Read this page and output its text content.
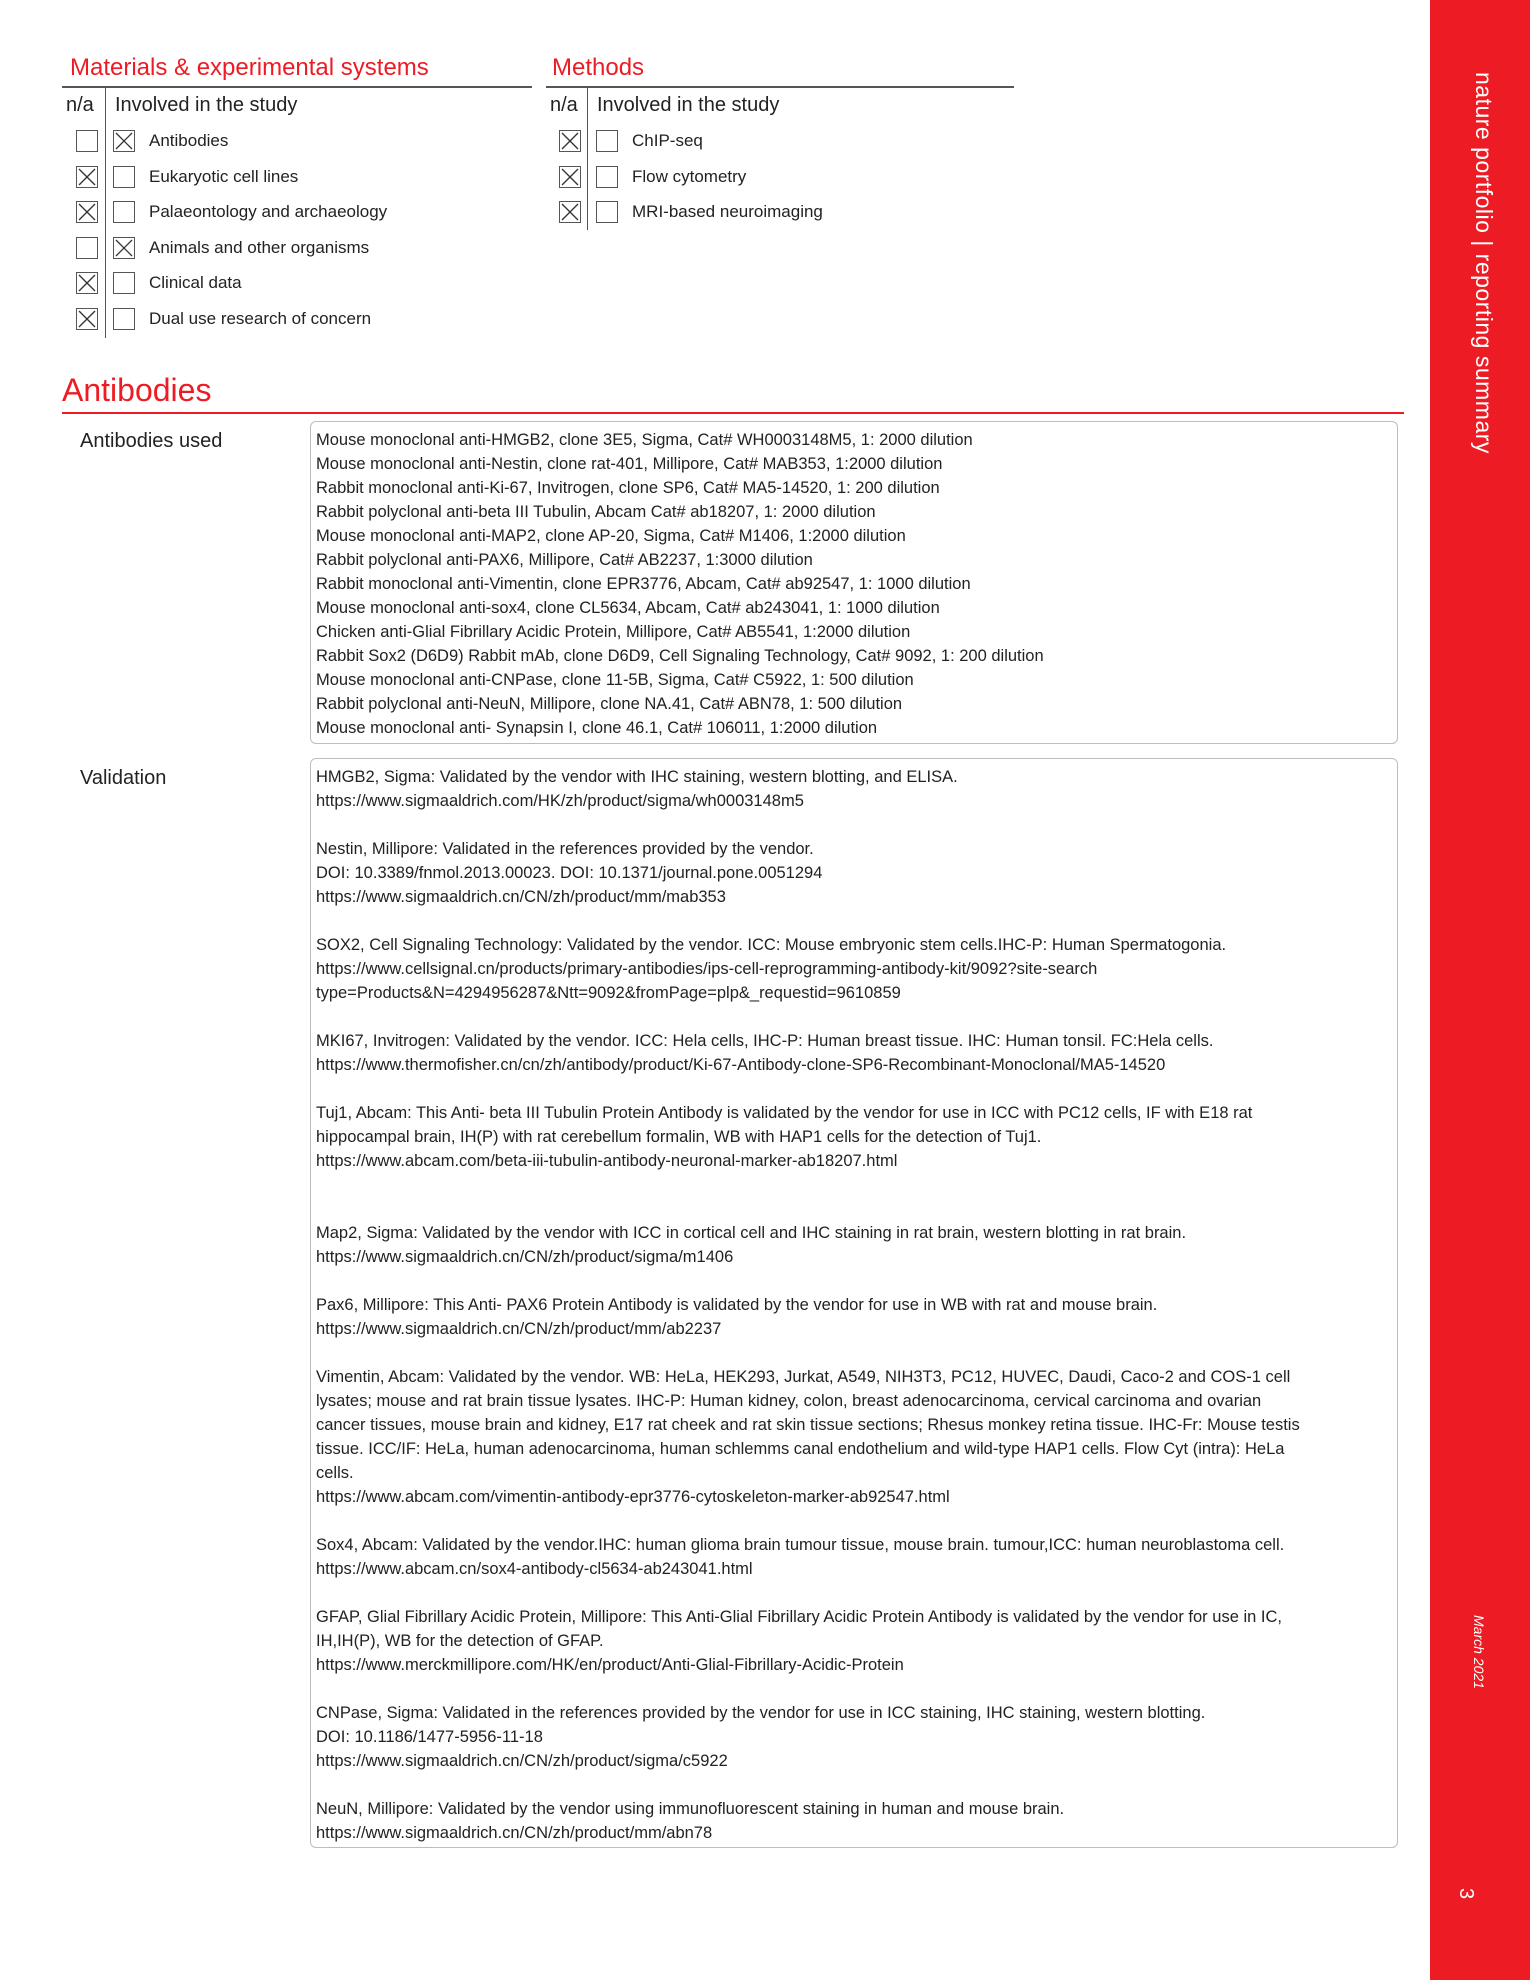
nature portfolio | reporting summary
March 2021
3
Materials & experimental systems
n/a Involved in the study
Antibodies
Eukaryotic cell lines
Palaeontology and archaeology
Animals and other organisms
Clinical data
Dual use research of concern
Methods
n/a Involved in the study
ChIP-seq
Flow cytometry
MRI-based neuroimaging
Antibodies
Antibodies used	Mouse monoclonal anti-HMGB2, clone 3E5, Sigma, Cat# WH0003148M5, 1: 2000 dilution
Mouse monoclonal anti-Nestin, clone rat-401, Millipore, Cat# MAB353, 1:2000 dilution
Rabbit monoclonal anti-Ki-67, Invitrogen, clone SP6, Cat# MA5-14520, 1: 200 dilution
Rabbit polyclonal anti-beta III Tubulin, Abcam Cat# ab18207, 1: 2000 dilution
Mouse monoclonal anti-MAP2, clone AP-20, Sigma, Cat# M1406, 1:2000 dilution
Rabbit polyclonal anti-PAX6, Millipore, Cat# AB2237, 1:3000 dilution
Rabbit monoclonal anti-Vimentin, clone EPR3776, Abcam, Cat# ab92547, 1: 1000 dilution
Mouse monoclonal anti-sox4, clone CL5634, Abcam, Cat# ab243041, 1: 1000 dilution
Chicken anti-Glial Fibrillary Acidic Protein, Millipore, Cat# AB5541, 1:2000 dilution
Rabbit Sox2 (D6D9) Rabbit mAb, clone D6D9, Cell Signaling Technology, Cat# 9092, 1: 200 dilution
Mouse monoclonal anti-CNPase, clone 11-5B, Sigma, Cat# C5922, 1: 500 dilution
Rabbit polyclonal anti-NeuN, Millipore, clone NA.41, Cat# ABN78, 1: 500 dilution
Mouse monoclonal anti- Synapsin I, clone 46.1, Cat# 106011, 1:2000 dilution
Validation	HMGB2, Sigma: Validated by the vendor with IHC staining, western blotting, and ELISA.
https://www.sigmaaldrich.com/HK/zh/product/sigma/wh0003148m5
Nestin, Millipore: Validated in the references provided by the vendor.
DOI: 10.3389/fnmol.2013.00023. DOI: 10.1371/journal.pone.0051294
https://www.sigmaaldrich.cn/CN/zh/product/mm/mab353
SOX2, Cell Signaling Technology: Validated by the vendor. ICC: Mouse embryonic stem cells.IHC-P: Human Spermatogonia.
https://www.cellsignal.cn/products/primary-antibodies/ips-cell-reprogramming-antibody-kit/9092?site-search
type=Products&N=4294956287&Ntt=9092&fromPage=plp&_requestid=9610859
MKI67, Invitrogen: Validated by the vendor. ICC: Hela cells, IHC-P: Human breast tissue. IHC: Human tonsil. FC:Hela cells.
https://www.thermofisher.cn/cn/zh/antibody/product/Ki-67-Antibody-clone-SP6-Recombinant-Monoclonal/MA5-14520
Tuj1, Abcam: This Anti- beta III Tubulin Protein Antibody is validated by the vendor for use in ICC with PC12 cells, IF with E18 rat
hippocampal brain, IH(P) with rat cerebellum formalin, WB with HAP1 cells for the detection of Tuj1.
https://www.abcam.com/beta-iii-tubulin-antibody-neuronal-marker-ab18207.html
Map2, Sigma: Validated by the vendor with ICC in cortical cell and IHC staining in rat brain, western blotting in rat brain.
https://www.sigmaaldrich.cn/CN/zh/product/sigma/m1406
Pax6, Millipore: This Anti- PAX6 Protein Antibody is validated by the vendor for use in WB with rat and mouse brain.
https://www.sigmaaldrich.cn/CN/zh/product/mm/ab2237
Vimentin, Abcam: Validated by the vendor. WB: HeLa, HEK293, Jurkat, A549, NIH3T3, PC12, HUVEC, Daudi, Caco-2 and COS-1 cell
lysates; mouse and rat brain tissue lysates. IHC-P: Human kidney, colon, breast adenocarcinoma, cervical carcinoma and ovarian
cancer tissues, mouse brain and kidney, E17 rat cheek and rat skin tissue sections; Rhesus monkey retina tissue. IHC-Fr: Mouse testis
tissue. ICC/IF: HeLa, human adenocarcinoma, human schlemms canal endothelium and wild-type HAP1 cells. Flow Cyt (intra): HeLa
cells.
https://www.abcam.com/vimentin-antibody-epr3776-cytoskeleton-marker-ab92547.html
Sox4, Abcam: Validated by the vendor.IHC: human glioma brain tumour tissue, mouse brain. tumour,ICC: human neuroblastoma cell.
https://www.abcam.cn/sox4-antibody-cl5634-ab243041.html
GFAP, Glial Fibrillary Acidic Protein, Millipore: This Anti-Glial Fibrillary Acidic Protein Antibody is validated by the vendor for use in IC,
IH,IH(P), WB for the detection of GFAP.
https://www.merckmillipore.com/HK/en/product/Anti-Glial-Fibrillary-Acidic-Protein
CNPase, Sigma: Validated in the references provided by the vendor for use in ICC staining, IHC staining, western blotting.
DOI: 10.1186/1477-5956-11-18
https://www.sigmaaldrich.cn/CN/zh/product/sigma/c5922
NeuN, Millipore: Validated by the vendor using immunofluorescent staining in human and mouse brain.
https://www.sigmaaldrich.cn/CN/zh/product/mm/abn78
